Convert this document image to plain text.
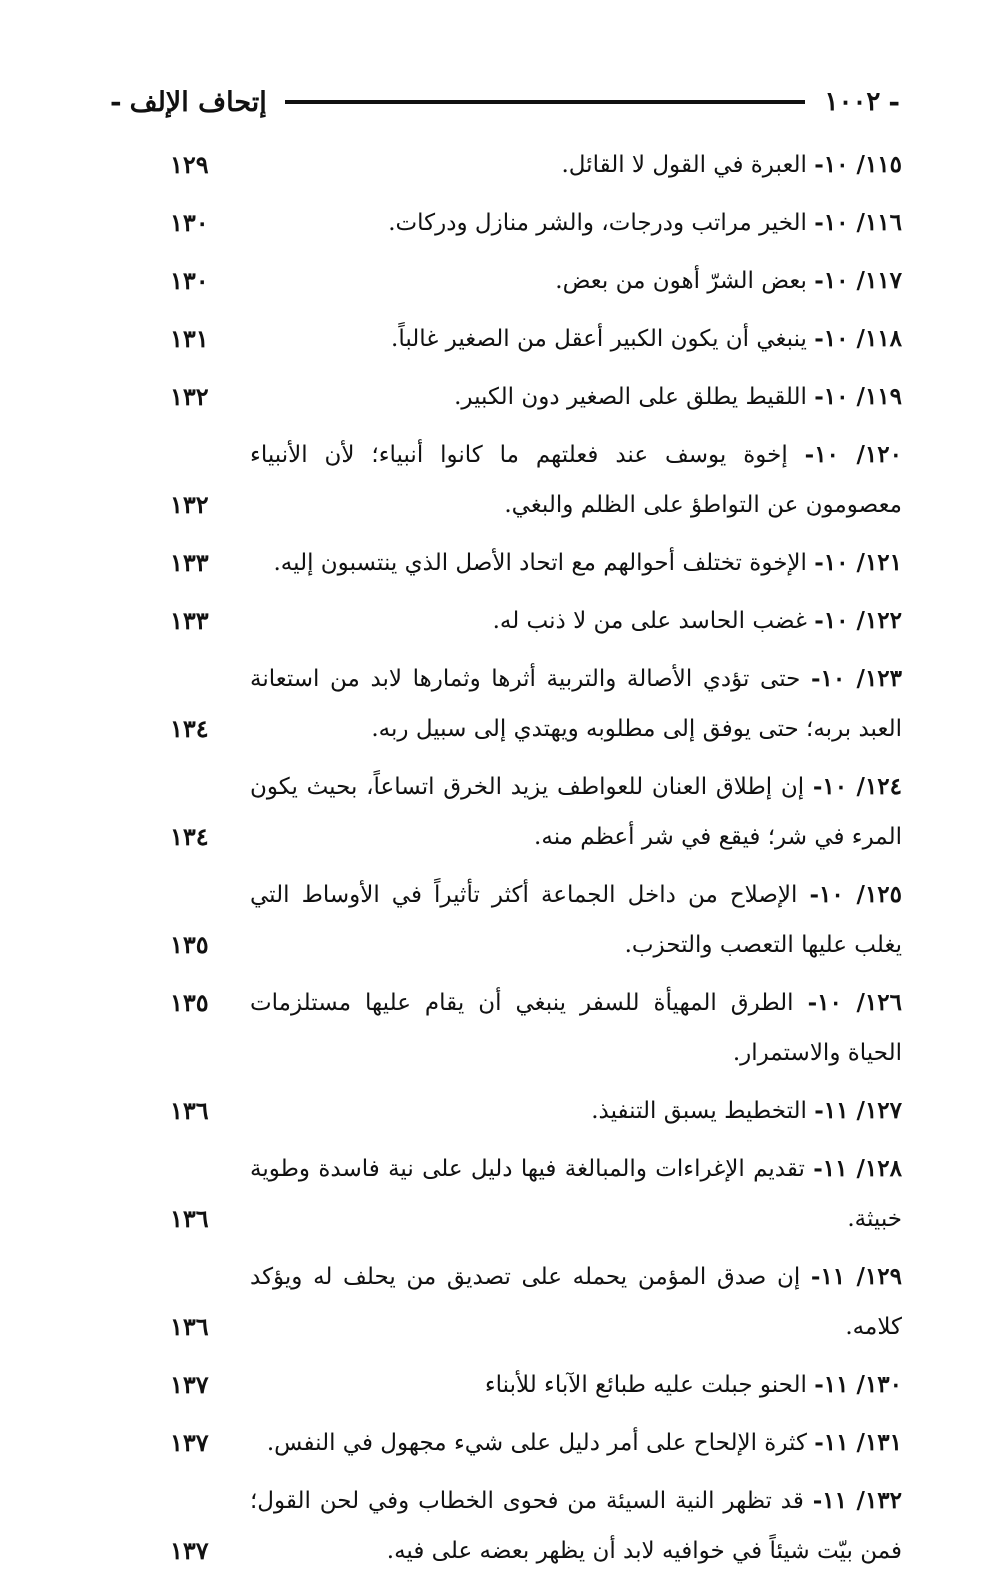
-
١٠٠٢
إتحاف الإلف
-
١١٥/ ١٠- العبرة في القول لا القائل.
١٢٩
١١٦/ ١٠- الخير مراتب ودرجات، والشر منازل ودركات.
١٣٠
١١٧/ ١٠- بعض الشرّ أهون من بعض.
١٣٠
١١٨/ ١٠- ينبغي أن يكون الكبير أعقل من الصغير غالباً.
١٣١
١١٩/ ١٠- اللقيط يطلق على الصغير دون الكبير.
١٣٢
١٢٠/ ١٠- إخوة يوسف عند فعلتهم ما كانوا أنبياء؛ لأن الأنبياء معصومون عن التواطؤ على الظلم والبغي.
١٣٢
١٢١/ ١٠- الإخوة تختلف أحوالهم مع اتحاد الأصل الذي ينتسبون إليه.
١٣٣
١٢٢/ ١٠- غضب الحاسد على من لا ذنب له.
١٣٣
١٢٣/ ١٠- حتى تؤدي الأصالة والتربية أثرها وثمارها لابد من استعانة العبد بربه؛ حتى يوفق إلى مطلوبه ويهتدي إلى سبيل ربه.
١٣٤
١٢٤/ ١٠- إن إطلاق العنان للعواطف يزيد الخرق اتساعاً، بحيث يكون المرء في شر؛ فيقع في شر أعظم منه.
١٣٤
١٢٥/ ١٠- الإصلاح من داخل الجماعة أكثر تأثيراً في الأوساط التي يغلب عليها التعصب والتحزب.
١٣٥
١٢٦/ ١٠- الطرق المهيأة للسفر ينبغي أن يقام عليها مستلزمات الحياة والاستمرار.
١٣٥
١٢٧/ ١١- التخطيط يسبق التنفيذ.
١٣٦
١٢٨/ ١١- تقديم الإغراءات والمبالغة فيها دليل على نية فاسدة وطوية خبيثة.
١٣٦
١٢٩/ ١١- إن صدق المؤمن يحمله على تصديق من يحلف له ويؤكد كلامه.
١٣٦
١٣٠/ ١١- الحنو جبلت عليه طبائع الآباء للأبناء
١٣٧
١٣١/ ١١- كثرة الإلحاح على أمر دليل على شيء مجهول في النفس.
١٣٧
١٣٢/ ١١- قد تظهر النية السيئة من فحوى الخطاب وفي لحن القول؛ فمن بيّت شيئاً في خوافيه لابد أن يظهر بعضه على فيه.
١٣٧
